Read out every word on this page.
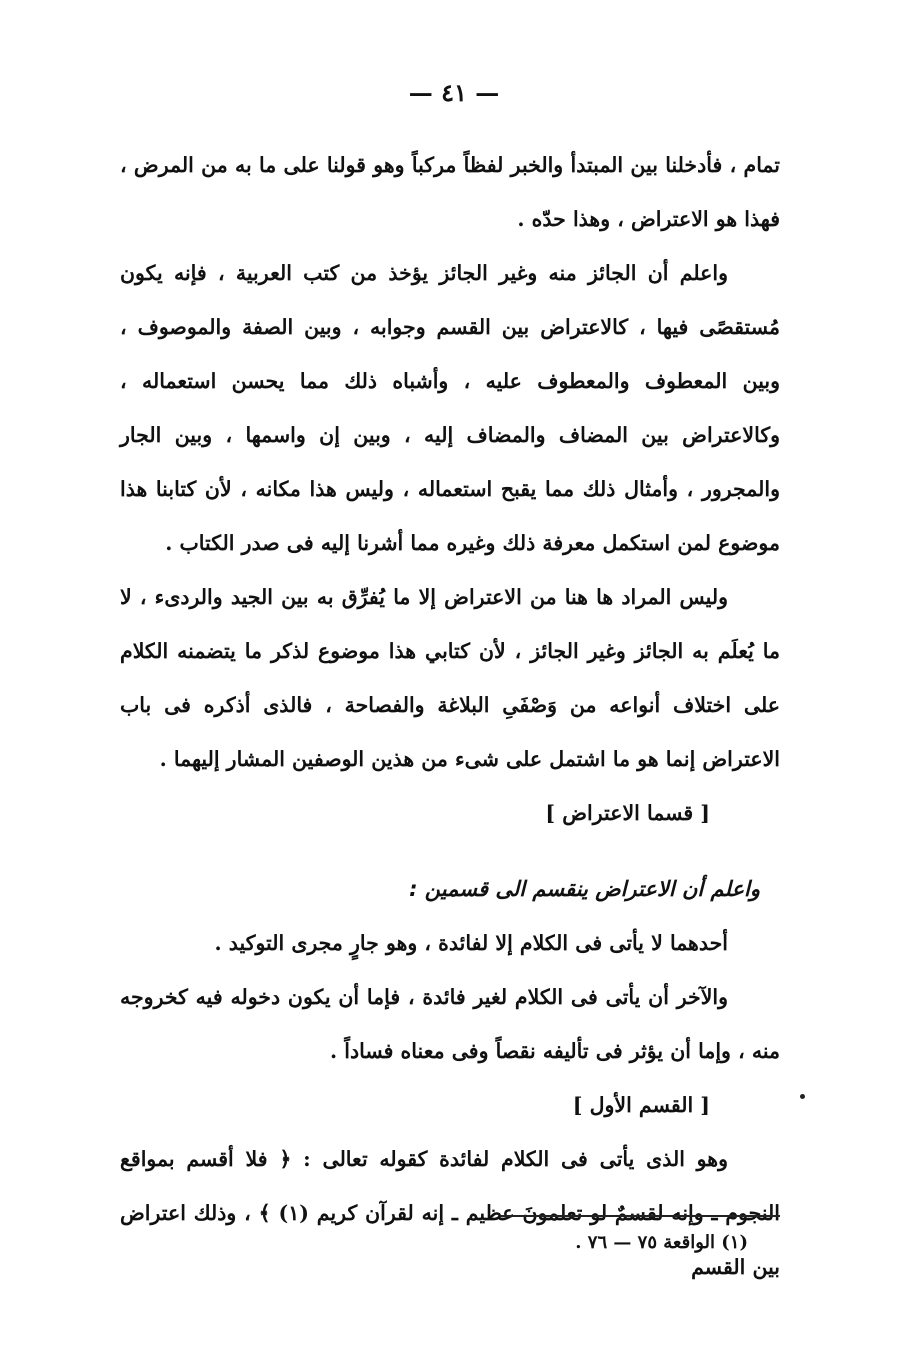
— ٤١ —

تمام ، فأدخلنا بين المبتدأ والخبر لفظاً مركباً وهو قولنا على ما به من المرض ، فهذا هو الاعتراض ، وهذا حدّه .

واعلم أن الجائز منه وغير الجائز يؤخذ من كتب العربية ، فإنه يكون مُستقصًى فيها ، كالاعتراض بين القسم وجوابه ، وبين الصفة والموصوف ، وبين المعطوف والمعطوف عليه ، وأشباه ذلك مما يحسن استعماله ، وكالاعتراض بين المضاف والمضاف إليه ، وبين إن واسمها ، وبين الجار والمجرور ، وأمثال ذلك مما يقبح استعماله ، وليس هذا مكانه ، لأن كتابنا هذا موضوع لمن استكمل معرفة ذلك وغيره مما أشرنا إليه فى صدر الكتاب .

وليس المراد ها هنا من الاعتراض إلا ما يُفرِّق به بين الجيد والردىء ، لا ما يُعلَم به الجائز وغير الجائز ، لأن كتابي هذا موضوع لذكر ما يتضمنه الكلام على اختلاف أنواعه من وَصْفَىِ البلاغة والفصاحة ، فالذى أذكره فى باب الاعتراض إنما هو ما اشتمل على شىء من هذين الوصفين المشار إليهما .

[ قسما الاعتراض ]

واعلم أن الاعتراض ينقسم الى قسمين :

أحدهما لا يأتى فى الكلام إلا لفائدة ، وهو جارٍ مجرى التوكيد .

والآخر أن يأتى فى الكلام لغير فائدة ، فإما أن يكون دخوله فيه كخروجه منه ، وإما أن يؤثر فى تأليفه نقصاً وفى معناه فساداً .

[ القسم الأول ]

وهو الذى يأتى فى الكلام لفائدة كقوله تعالى : ﴿ فلا أقسم بمواقع النجوم ـ وإنه لقسمٌ لو تعلمونَ عظيم ـ إنه لقرآن كريم (١) ﴾ ، وذلك اعتراض بين القسم

(١) الواقعة ٧٥ — ٧٦ .
